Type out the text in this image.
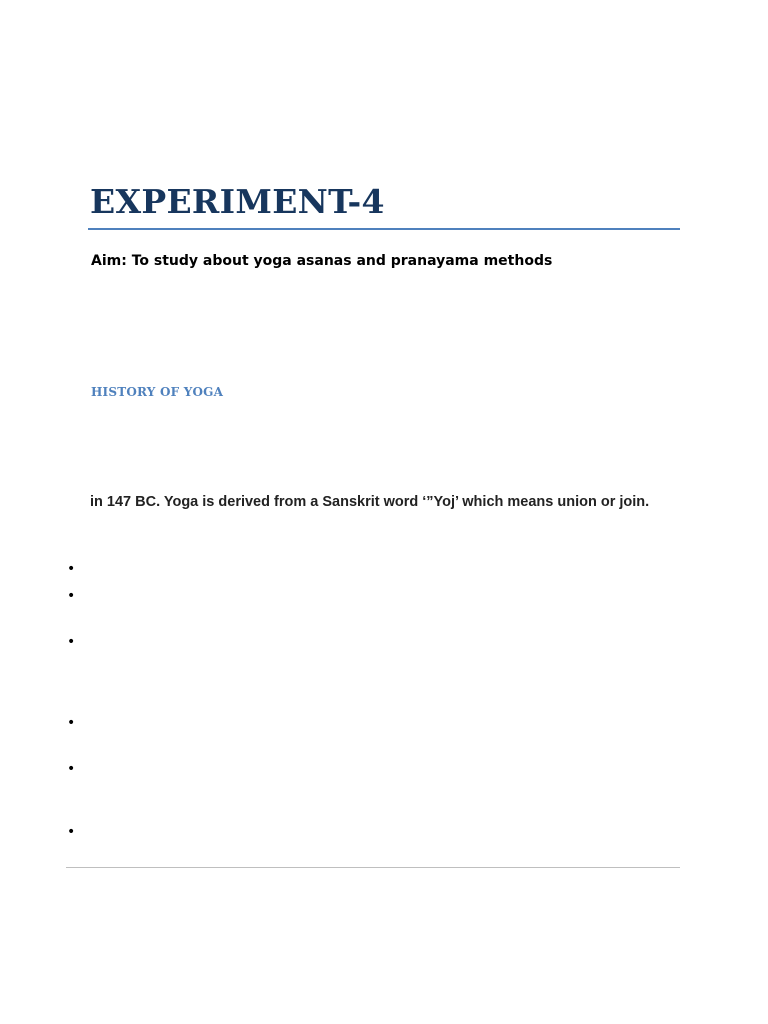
EXPERIMENT-4
Aim: To study about yoga asanas and pranayama methods
HISTORY OF YOGA
in 147 BC. Yoga is derived from a Sanskrit word ‘”Yoj’ which means union or join.
•
•
•
•
•
•
